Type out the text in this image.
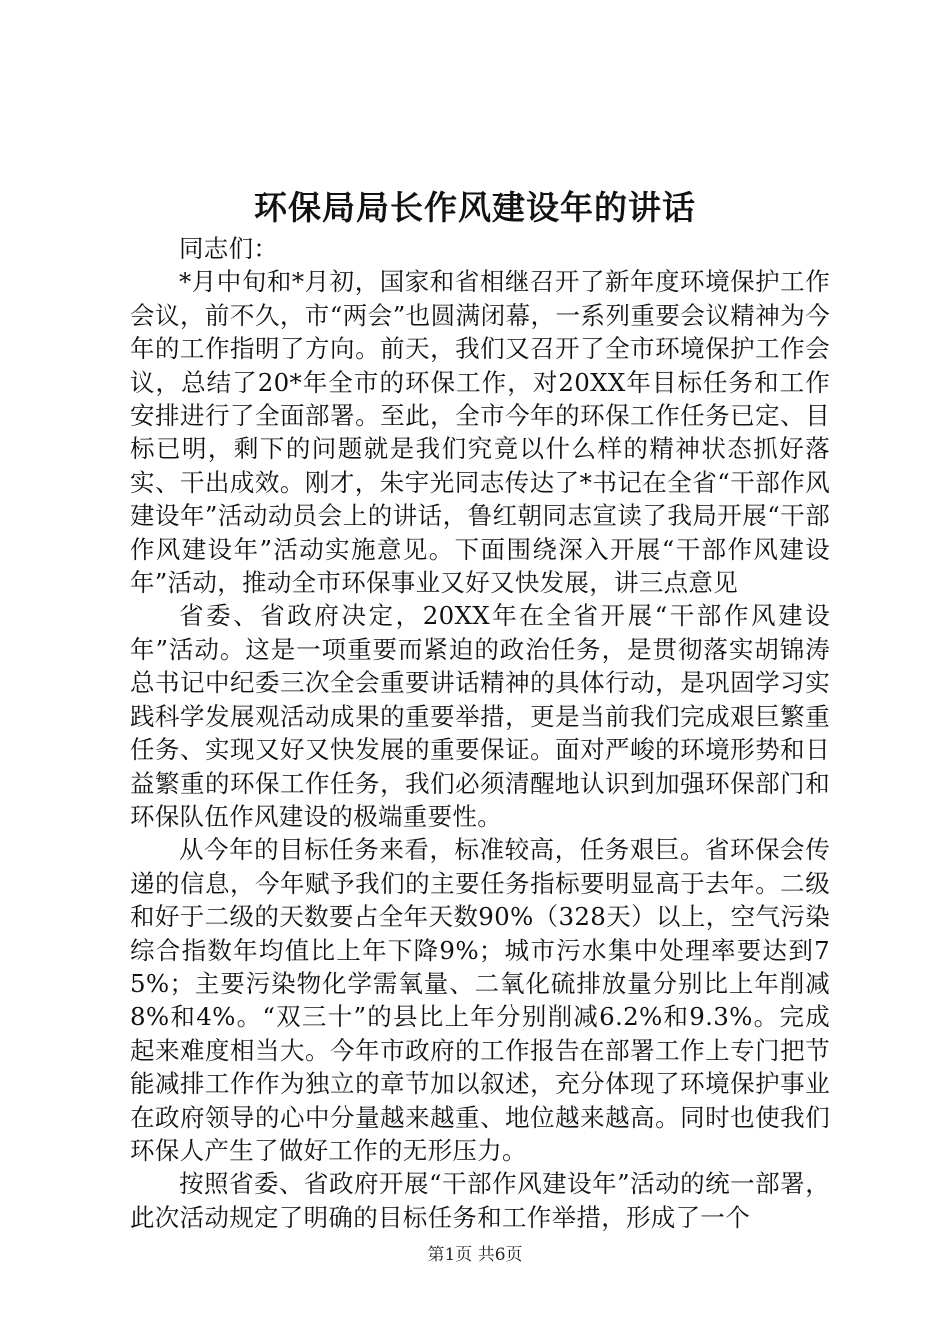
环保局局长作风建设年的讲话

同志们：

*月中旬和*月初，国家和省相继召开了新年度环境保护工作会议，前不久，市“两会”也圆满闭幕，一系列重要会议精神为今年的工作指明了方向。前天，我们又召开了全市环境保护工作会议，总结了20*年全市的环保工作，对20XX年目标任务和工作安排进行了全面部署。至此，全市今年的环保工作任务已定、目标已明，剩下的问题就是我们究竟以什么样的精神状态抓好落实、干出成效。刚才，朱宇光同志传达了*书记在全省“干部作风建设年”活动动员会上的讲话，鲁红朝同志宣读了我局开展“干部作风建设年”活动实施意见。下面围绕深入开展“干部作风建设年”活动，推动全市环保事业又好又快发展，讲三点意见

省委、省政府决定，20XX年在全省开展“干部作风建设年”活动。这是一项重要而紧迫的政治任务，是贯彻落实胡锦涛总书记中纪委三次全会重要讲话精神的具体行动，是巩固学习实践科学发展观活动成果的重要举措，更是当前我们完成艰巨繁重任务、实现又好又快发展的重要保证。面对严峻的环境形势和日益繁重的环保工作任务，我们必须清醒地认识到加强环保部门和环保队伍作风建设的极端重要性。

从今年的目标任务来看，标准较高，任务艰巨。省环保会传递的信息，今年赋予我们的主要任务指标要明显高于去年。二级和好于二级的天数要占全年天数90%（328天）以上，空气污染综合指数年均值比上年下降9%；城市污水集中处理率要达到75%；主要污染物化学需氧量、二氧化硫排放量分别比上年削减8%和4%。“双三十”的县比上年分别削减6.2%和9.3%。完成起来难度相当大。今年市政府的工作报告在部署工作上专门把节能减排工作作为独立的章节加以叙述，充分体现了环境保护事业在政府领导的心中分量越来越重、地位越来越高。同时也使我们环保人产生了做好工作的无形压力。

按照省委、省政府开展“干部作风建设年”活动的统一部署，此次活动规定了明确的目标任务和工作举措，形成了一个

第1页 共6页
